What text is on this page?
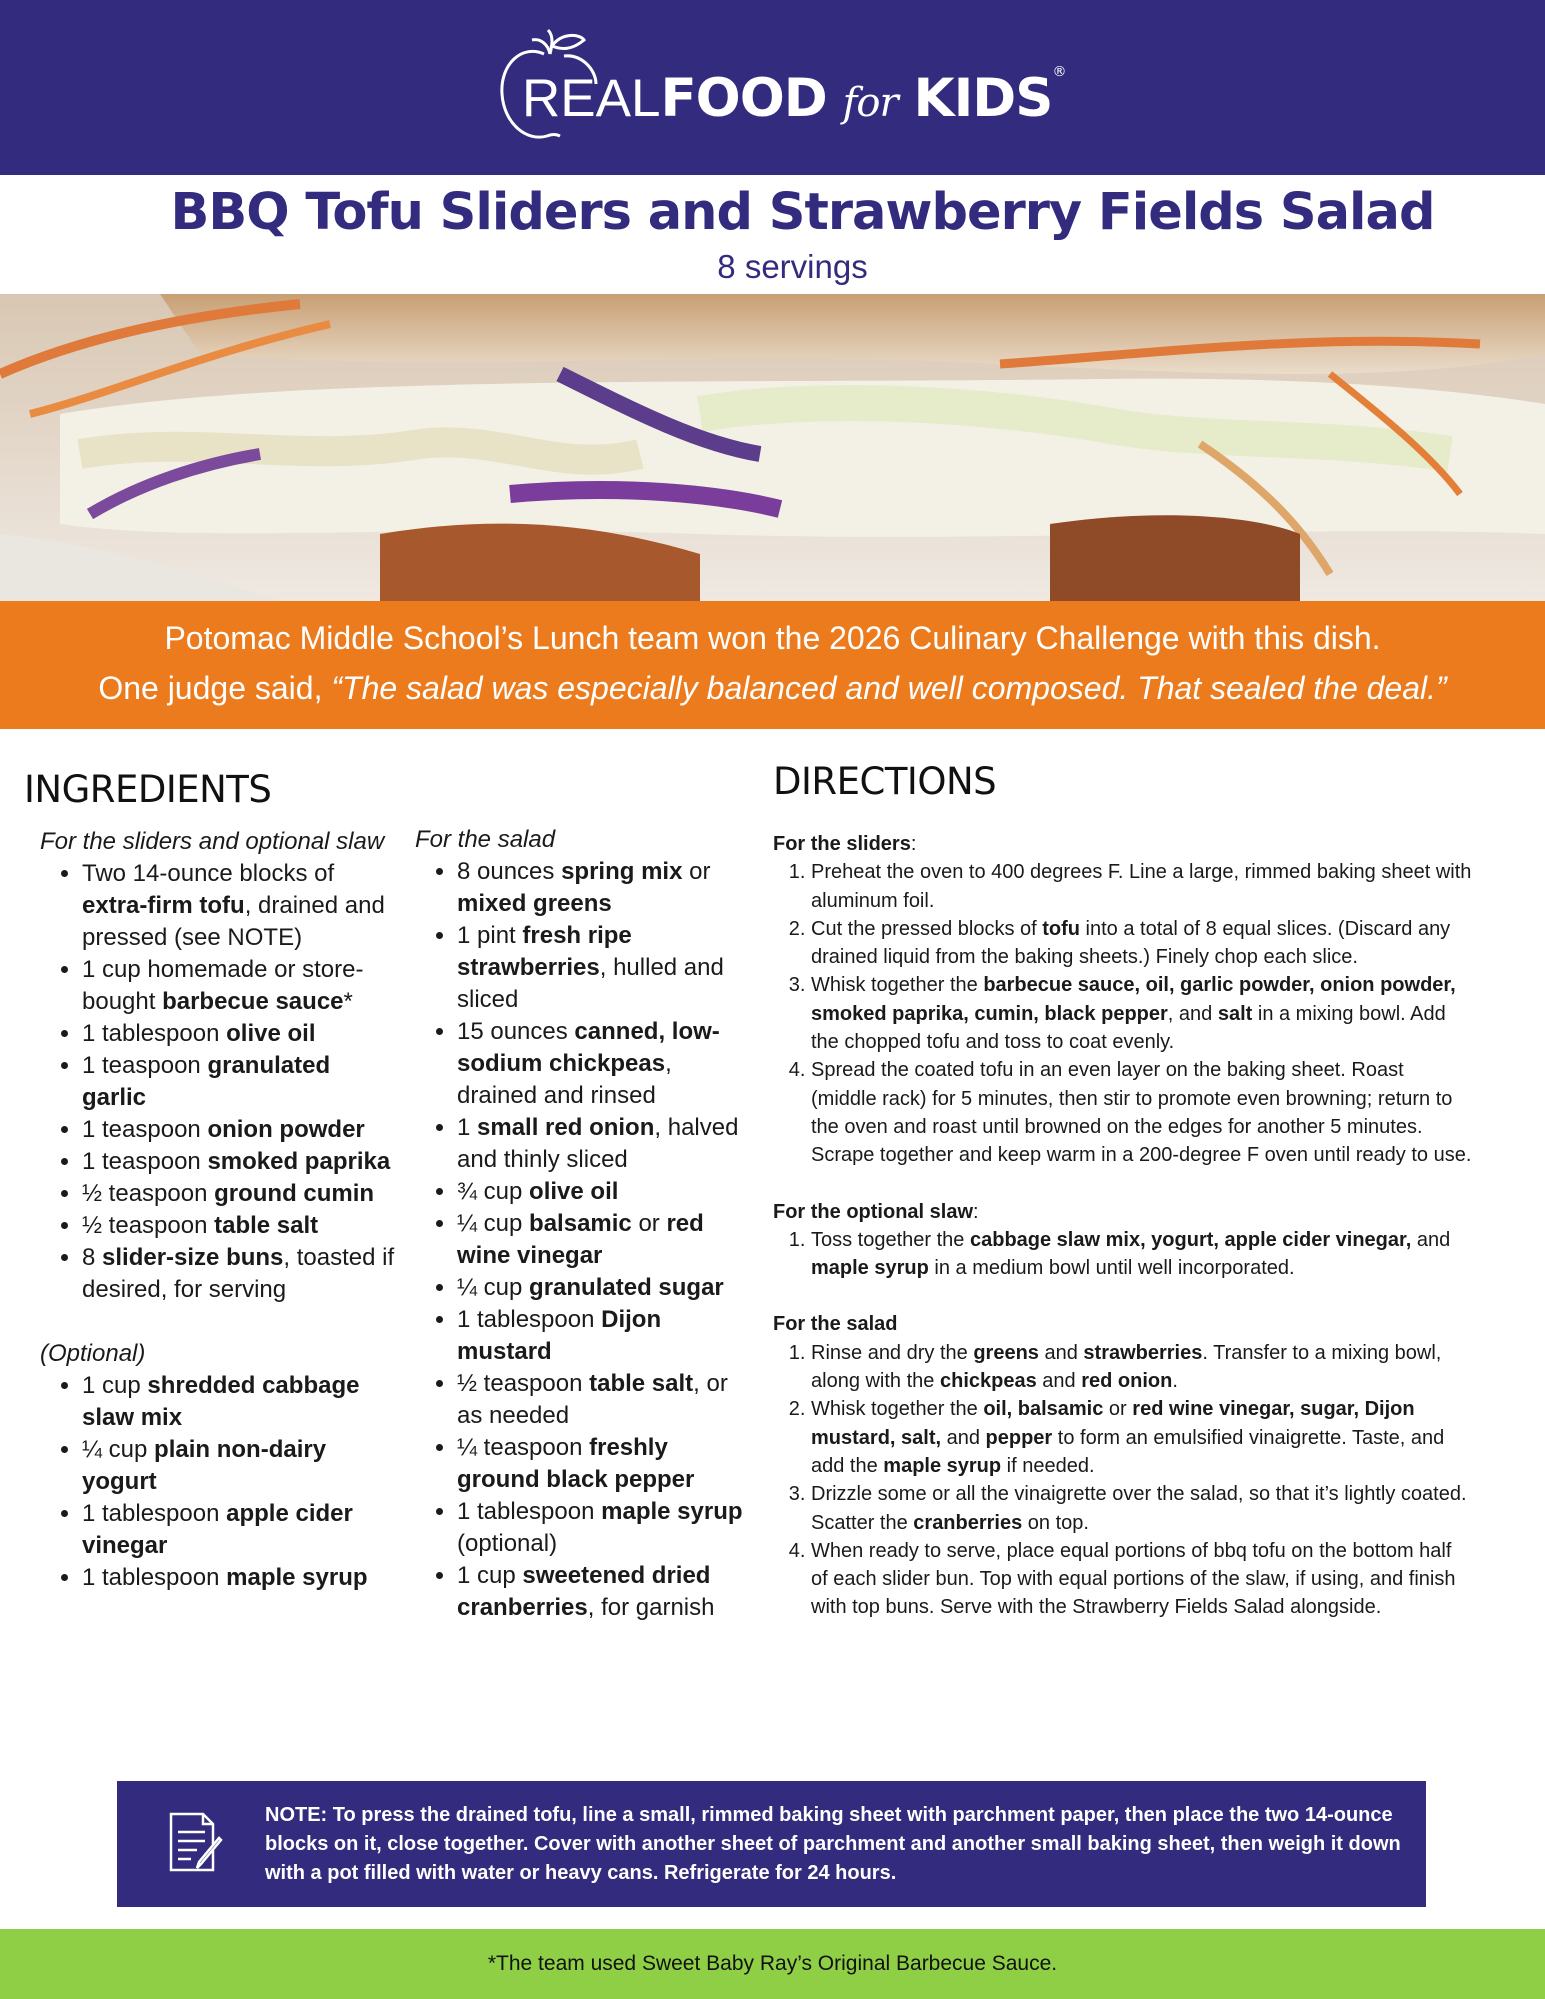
REALFOOD for KIDS®
BBQ Tofu Sliders and Strawberry Fields Salad
8 servings
Potomac Middle School’s Lunch team won the 2026 Culinary Challenge with this dish.
One judge said, “The salad was especially balanced and well composed. That sealed the deal.”
INGREDIENTS
For the sliders and optional slaw
• Two 14-ounce blocks of extra-firm tofu, drained and pressed (see NOTE)
• 1 cup homemade or store-bought barbecue sauce*
• 1 tablespoon olive oil
• 1 teaspoon granulated garlic
• 1 teaspoon onion powder
• 1 teaspoon smoked paprika
• ½ teaspoon ground cumin
• ½ teaspoon table salt
• 8 slider-size buns, toasted if desired, for serving
(Optional)
• 1 cup shredded cabbage slaw mix
• ¼ cup plain non-dairy yogurt
• 1 tablespoon apple cider vinegar
• 1 tablespoon maple syrup
For the salad
• 8 ounces spring mix or mixed greens
• 1 pint fresh ripe strawberries, hulled and sliced
• 15 ounces canned, low-sodium chickpeas, drained and rinsed
• 1 small red onion, halved and thinly sliced
• ¾ cup olive oil
• ¼ cup balsamic or red wine vinegar
• ¼ cup granulated sugar
• 1 tablespoon Dijon mustard
• ½ teaspoon table salt, or as needed
• ¼ teaspoon freshly ground black pepper
• 1 tablespoon maple syrup (optional)
• 1 cup sweetened dried cranberries, for garnish
DIRECTIONS
For the sliders:
1. Preheat the oven to 400 degrees F. Line a large, rimmed baking sheet with aluminum foil.
2. Cut the pressed blocks of tofu into a total of 8 equal slices. (Discard any drained liquid from the baking sheets.) Finely chop each slice.
3. Whisk together the barbecue sauce, oil, garlic powder, onion powder, smoked paprika, cumin, black pepper, and salt in a mixing bowl. Add the chopped tofu and toss to coat evenly.
4. Spread the coated tofu in an even layer on the baking sheet. Roast (middle rack) for 5 minutes, then stir to promote even browning; return to the oven and roast until browned on the edges for another 5 minutes. Scrape together and keep warm in a 200-degree F oven until ready to use.
For the optional slaw:
1. Toss together the cabbage slaw mix, yogurt, apple cider vinegar, and maple syrup in a medium bowl until well incorporated.
For the salad
1. Rinse and dry the greens and strawberries. Transfer to a mixing bowl, along with the chickpeas and red onion.
2. Whisk together the oil, balsamic or red wine vinegar, sugar, Dijon mustard, salt, and pepper to form an emulsified vinaigrette. Taste, and add the maple syrup if needed.
3. Drizzle some or all the vinaigrette over the salad, so that it’s lightly coated. Scatter the cranberries on top.
4. When ready to serve, place equal portions of bbq tofu on the bottom half of each slider bun. Top with equal portions of the slaw, if using, and finish with top buns. Serve with the Strawberry Fields Salad alongside.
NOTE: To press the drained tofu, line a small, rimmed baking sheet with parchment paper, then place the two 14-ounce blocks on it, close together. Cover with another sheet of parchment and another small baking sheet, then weigh it down with a pot filled with water or heavy cans. Refrigerate for 24 hours.
*The team used Sweet Baby Ray’s Original Barbecue Sauce.
